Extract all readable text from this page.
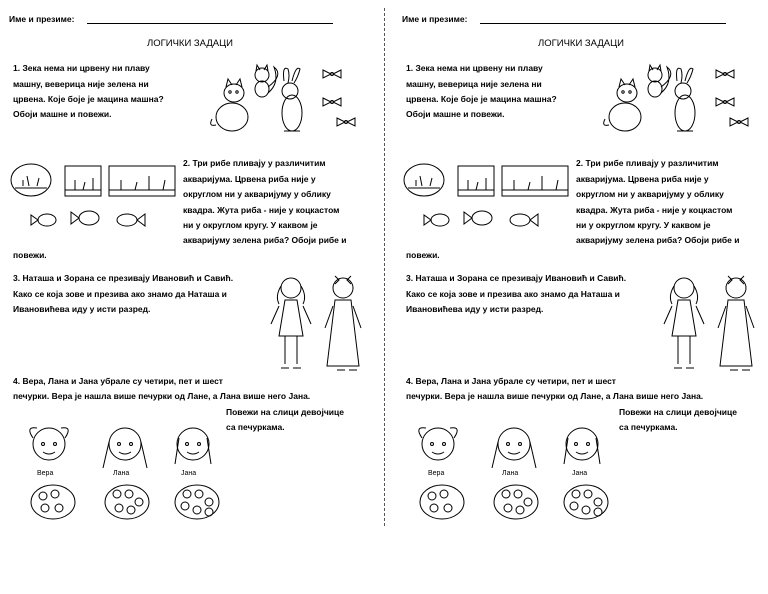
Име и презиме:
ЛОГИЧКИ ЗАДАЦИ
1. Зека нема ни црвену ни плаву
машну, веверица није зелена ни
црвена. Које боје је мацина машна?
Обоји машне и повежи.
2. Три рибе пливају у различитим
акваријума. Црвена риба није у
округлом ни у акваријуму у облику
квадра. Жута риба - није у коцкастом
ни у округлом кругу. У каквом је
акваријуму зелена риба? Обоји рибе и
повежи.
3. Наташа и Зорана се презивају Ивановић и Савић.
Како се која зове и презива ако знамо да Наташа и
Ивановићева иду у исти разред.
4. Вера, Лана и Јана убрале су четири, пет и шест
печурки. Вера је нашла више печурки од Лане, а Лана више него Јана.
Повежи на слици девојчице
са печуркама.
Вера	Лана	Јана
Име и презиме:
ЛОГИЧКИ ЗАДАЦИ
1. Зека нема ни црвену ни плаву
машну, веверица није зелена ни
црвена. Које боје је мацина машна?
Обоји машне и повежи.
2. Три рибе пливају у различитим
акваријума. Црвена риба није у
округлом ни у акваријуму у облику
квадра. Жута риба - није у коцкастом
ни у округлом кругу. У каквом је
акваријуму зелена риба? Обоји рибе и
повежи.
3. Наташа и Зорана се презивају Ивановић и Савић.
Како се која зове и презива ако знамо да Наташа и
Ивановићева иду у исти разред.
4. Вера, Лана и Јана убрале су четири, пет и шест
печурки. Вера је нашла више печурки од Лане, а Лана више него Јана.
Повежи на слици девојчице
са печуркама.
Вера	Лана	Јана
